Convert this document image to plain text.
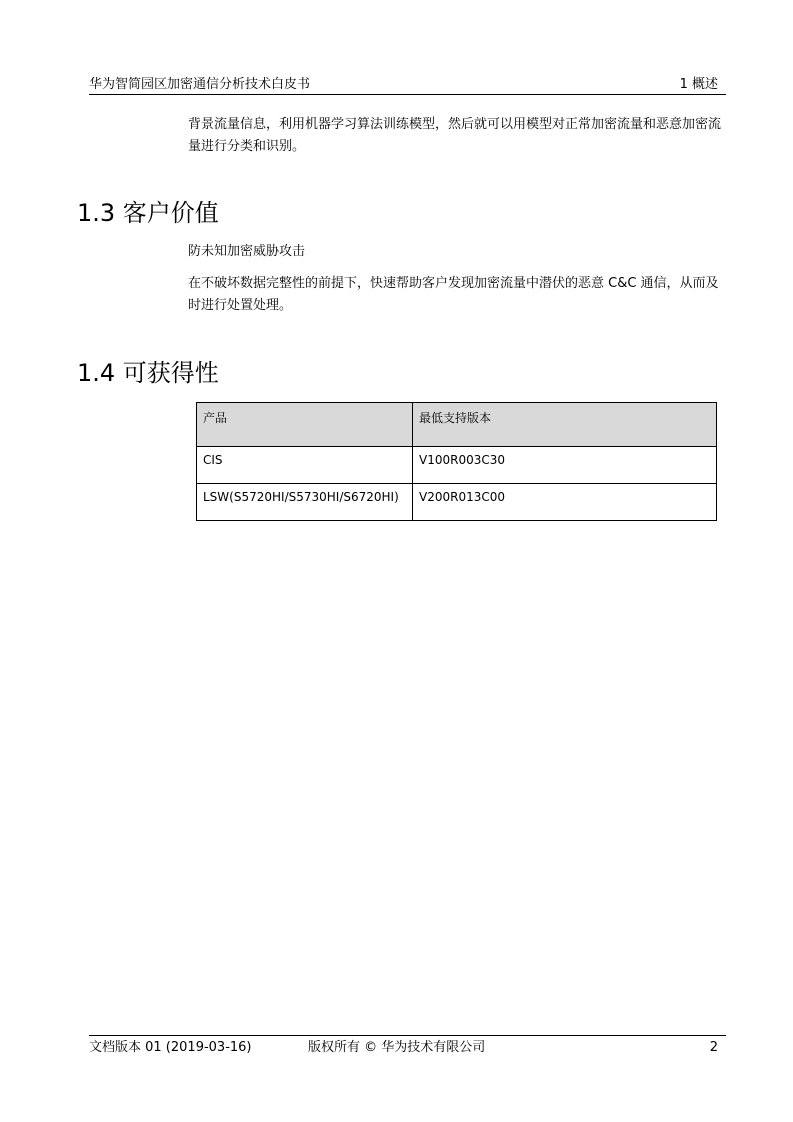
华为智简园区加密通信分析技术白皮书	1 概述

背景流量信息，利用机器学习算法训练模型，然后就可以用模型对正常加密流量和恶意加密流量进行分类和识别。

1.3 客户价值

防未知加密威胁攻击

在不破坏数据完整性的前提下，快速帮助客户发现加密流量中潜伏的恶意 C&C 通信，从而及时进行处置处理。

1.4 可获得性
产品	最低支持版本
CIS	V100R003C30
LSW(S5720HI/S5730HI/S6720HI)	V200R013C00
文档版本 01 (2019-03-16)	版权所有 © 华为技术有限公司	2
